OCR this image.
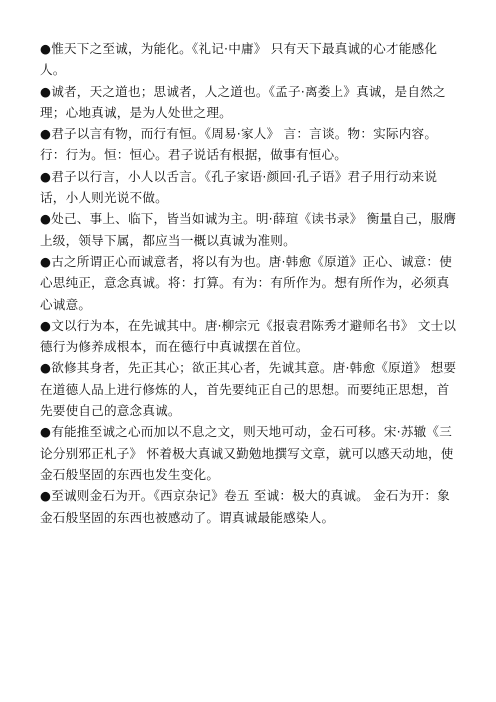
●惟天下之至诚，为能化。《礼记·中庸》 只有天下最真诚的心才能感化人。

●诚者，天之道也；思诚者，人之道也。《孟子·离娄上》真诚，是自然之理；心地真诚，是为人处世之理。

●君子以言有物，而行有恒。《周易·家人》 言：言谈。物：实际内容。行：行为。恒：恒心。君子说话有根据，做事有恒心。

●君子以行言，小人以舌言。《孔子家语·颜回·孔子语》君子用行动来说话，小人则光说不做。

●处己、事上、临下，皆当如诚为主。明·薛瑄《读书录》 衡量自己，服膺上级，领导下属，都应当一概以真诚为准则。

●古之所谓正心而诚意者，将以有为也。唐·韩愈《原道》正心、诚意：使心思纯正，意念真诚。将：打算。有为：有所作为。想有所作为，必须真心诚意。

●文以行为本，在先诚其中。唐·柳宗元《报袁君陈秀才避师名书》 文士以德行为修养成根本，而在德行中真诚摆在首位。

●欲修其身者，先正其心；欲正其心者，先诚其意。唐·韩愈《原道》 想要在道德人品上进行修炼的人，首先要纯正自己的思想。而要纯正思想，首先要使自己的意念真诚。

●有能推至诚之心而加以不息之文，则天地可动，金石可移。宋·苏辙《三论分别邪正札子》 怀着极大真诚又勤勉地撰写文章，就可以感天动地，使金石般坚固的东西也发生变化。

●至诚则金石为开。《西京杂记》卷五 至诚：极大的真诚。 金石为开：象金石般坚固的东西也被感动了。谓真诚最能感染人。
